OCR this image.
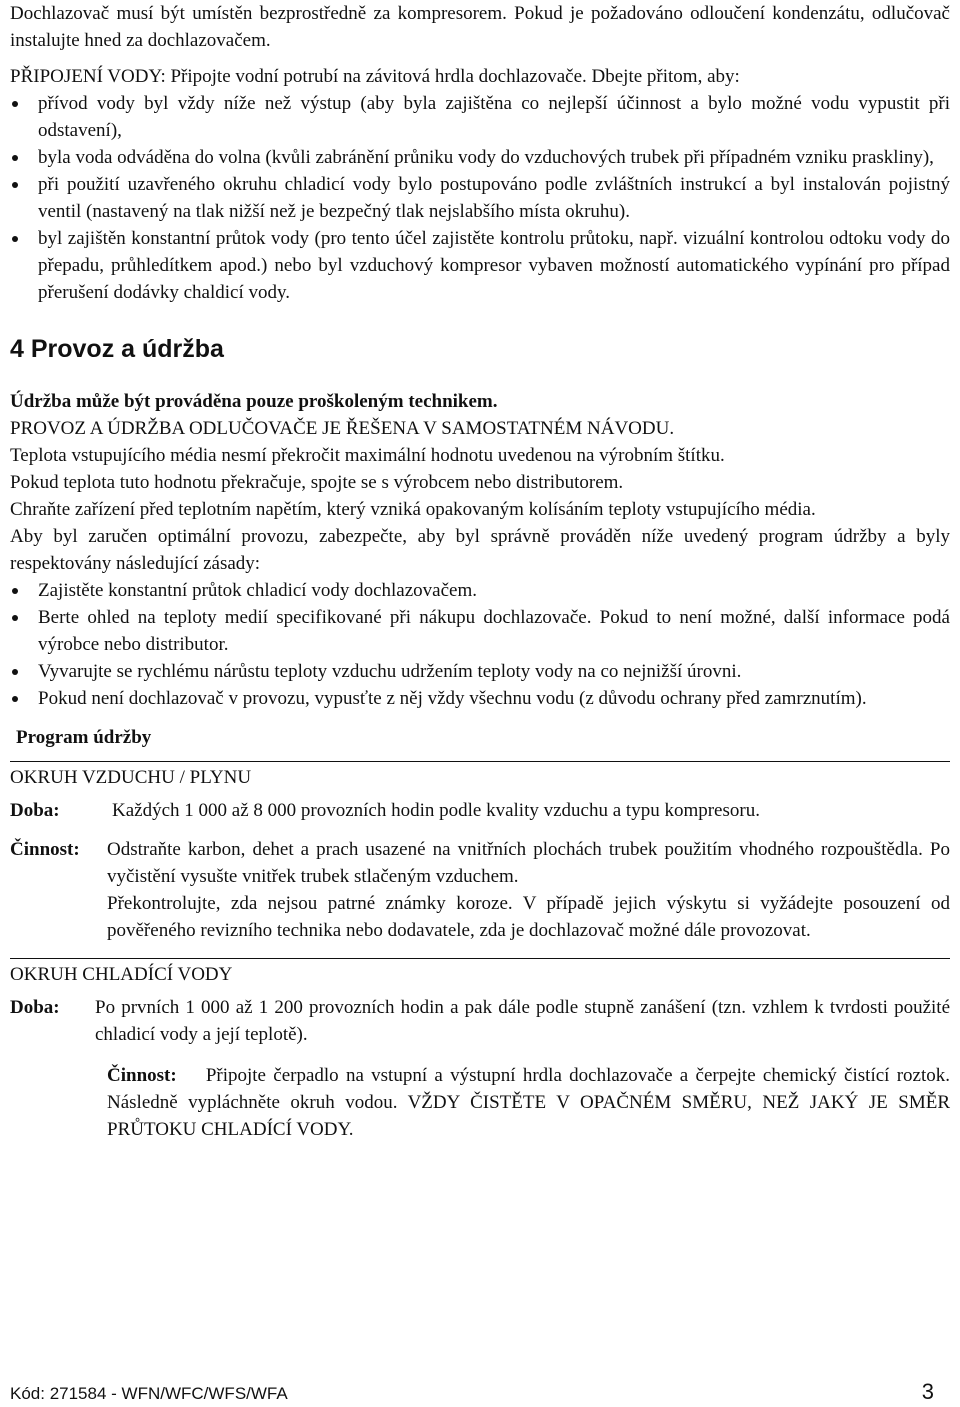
Dochlazovač musí být umístěn bezprostředně za kompresorem. Pokud je požadováno odloučení kondenzátu, odlučovač instalujte hned za dochlazovačem.

PŘIPOJENÍ VODY: Připojte vodní potrubí na závitová hrdla dochlazovače. Dbejte přitom, aby:

přívod vody byl vždy níže než výstup (aby byla zajištěna co nejlepší účinnost a bylo možné vodu vypustit při odstavení),
byla voda odváděna do volna (kvůli zabránění průniku vody do vzduchových trubek při případném vzniku praskliny),
při použití uzavřeného okruhu chladicí vody bylo postupováno podle zvláštních instrukcí a byl instalován pojistný ventil (nastavený na tlak nižší než je bezpečný tlak nejslabšího místa okruhu).
byl zajištěn konstantní průtok vody (pro tento účel zajistěte kontrolu průtoku, např. vizuální kontrolou odtoku vody do přepadu, průhledítkem apod.) nebo byl vzduchový kompresor vybaven možností automatického vypínání pro případ přerušení dodávky chaldicí vody.
4 Provoz a údržba

Údržba může být prováděna pouze proškoleným technikem.

PROVOZ A ÚDRŽBA ODLUČOVAČE JE ŘEŠENA V SAMOSTATNÉM NÁVODU.

Teplota vstupujícího média nesmí překročit maximální hodnotu uvedenou na výrobním štítku.

Pokud teplota tuto hodnotu překračuje, spojte se s výrobcem nebo distributorem.

Chraňte zařízení před teplotním napětím, který vzniká opakovaným kolísáním teploty vstupujícího média.

Aby byl zaručen optimální provozu, zabezpečte, aby byl správně prováděn níže uvedený program údržby a byly respektovány následující zásady:

Zajistěte konstantní průtok chladicí vody dochlazovačem.
Berte ohled na teploty medií specifikované při nákupu dochlazovače. Pokud to není možné, další informace podá výrobce nebo distributor.
Vyvarujte se rychlému nárůstu teploty vzduchu udržením teploty vody na co nejnižší úrovni.
Pokud není dochlazovač v provozu, vypusťte z něj vždy všechnu vodu (z důvodu ochrany před zamrznutím).
Program údržby
OKRUH VZDUCHU / PLYNU
Doba:	Každých 1 000 až 8 000 provozních hodin podle kvality vzduchu a typu kompresoru.
Činnost:	Odstraňte karbon, dehet a prach usazené na vnitřních plochách trubek použitím vhodného rozpouštědla. Po vyčistění vysušte vnitřek trubek stlačeným vzduchem.

Překontrolujte, zda nejsou patrné známky koroze. V případě jejich výskytu si vyžádejte posouzení od pověřeného revizního technika nebo dodavatele, zda je dochlazovač možné dále provozovat.

OKRUH CHLADÍCÍ VODY
Doba:	Po prvních 1 000 až 1 200 provozních hodin a pak dále podle stupně zanášení (tzn. vzhlem k tvrdosti použité chladicí vody a její teplotě).

Činnost: Připojte čerpadlo na vstupní a výstupní hrdla dochlazovače a čerpejte chemický čistící roztok. Následně vypláchněte okruh vodou. VŽDY ČISTĚTE V OPAČNÉM SMĚRU, NEŽ JAKÝ JE SMĚR PRŮTOKU CHLADÍCÍ VODY.

Kód: 271584 - WFN/WFC/WFS/WFA	3
